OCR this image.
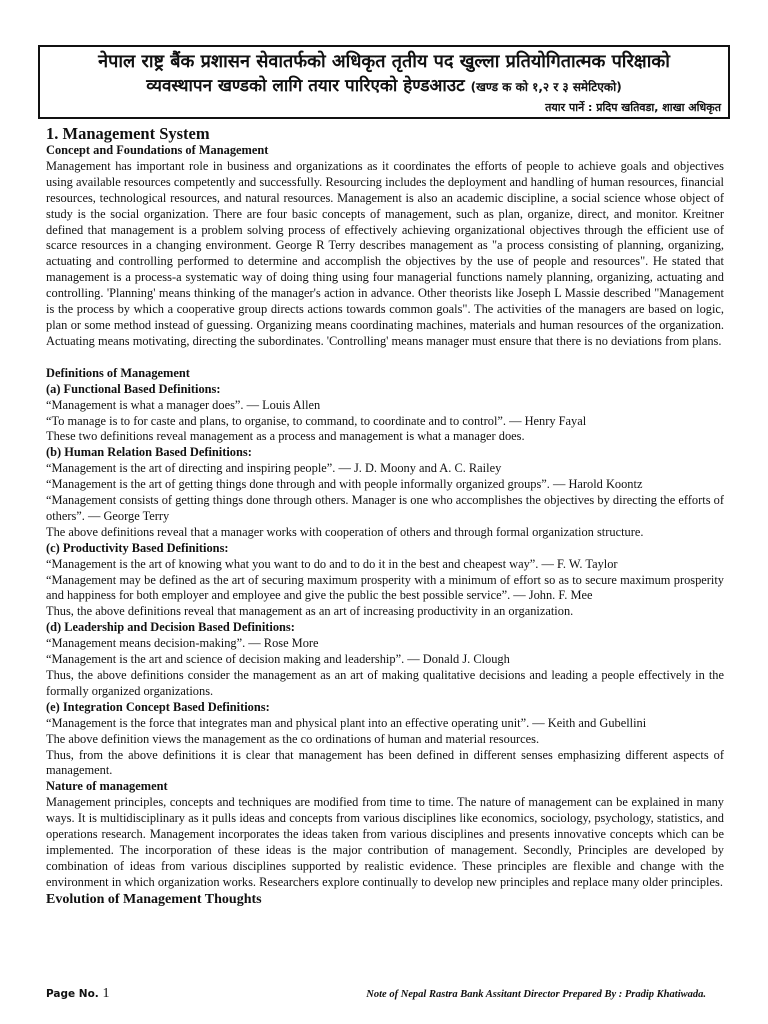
नेपाल राष्ट्र बैंक प्रशासन सेवातर्फको अधिकृत तृतीय पद खुल्ला प्रतियोगितात्मक परिक्षाको
व्यवस्थापन खण्डको लागि तयार पारिएको हेण्डआउट (खण्ड क को १,२ र ३ समेटिएको)
तयार पार्ने : प्रदिप खतिवडा, शाखा अधिकृत
1. Management System
Concept and Foundations of Management

Management has important role in business and organizations as it coordinates the efforts of people to achieve goals and objectives using available resources competently and successfully. Resourcing includes the deployment and handling of human resources, financial resources, technological resources, and natural resources. Management is also an academic discipline, a social science whose object of study is the social organization. There are four basic concepts of management, such as plan, organize, direct, and monitor. Kreitner defined that management is a problem solving process of effectively achieving organizational objectives through the efficient use of scarce resources in a changing environment. George R Terry describes management as "a process consisting of planning, organizing, actuating and controlling performed to determine and accomplish the objectives by the use of people and resources". He stated that management is a process-a systematic way of doing thing using four managerial functions namely planning, organizing, actuating and controlling. 'Planning' means thinking of the manager's action in advance. Other theorists like Joseph L Massie described "Management is the process by which a cooperative group directs actions towards common goals". The activities of the managers are based on logic, plan or some method instead of guessing. Organizing means coordinating machines, materials and human resources of the organization. Actuating means motivating, directing the subordinates. 'Controlling' means manager must ensure that there is no deviations from plans.

Definitions of Management
(a) Functional Based Definitions:

“Management is what a manager does”. — Louis Allen

“To manage is to for caste and plans, to organise, to command, to coordinate and to control”. — Henry Fayal

These two definitions reveal management as a process and management is what a manager does.

(b) Human Relation Based Definitions:

“Management is the art of directing and inspiring people”. — J. D. Moony and A. C. Railey

“Management is the art of getting things done through and with people informally organized groups”. — Harold Koontz

“Management consists of getting things done through others. Manager is one who accomplishes the objectives by directing the efforts of others”. — George Terry

The above definitions reveal that a manager works with cooperation of others and through formal organization structure.

(c) Productivity Based Definitions:

“Management is the art of knowing what you want to do and to do it in the best and cheapest way”. — F. W. Taylor

“Management may be defined as the art of securing maximum prosperity with a minimum of effort so as to secure maximum prosperity and happiness for both employer and employee and give the public the best possible service”. — John. F. Mee

Thus, the above definitions reveal that management as an art of increasing productivity in an organization.

(d) Leadership and Decision Based Definitions:

“Management means decision-making”. — Rose More

“Management is the art and science of decision making and leadership”. — Donald J. Clough

Thus, the above definitions consider the management as an art of making qualitative decisions and leading a people effectively in the formally organized organizations.

(e) Integration Concept Based Definitions:

“Management is the force that integrates man and physical plant into an effective operating unit”. — Keith and Gubellini

The above definition views the management as the co ordinations of human and material resources.

Thus, from the above definitions it is clear that management has been defined in different senses emphasizing different aspects of management.

Nature of management

Management principles, concepts and techniques are modified from time to time. The nature of management can be explained in many ways. It is multidisciplinary as it pulls ideas and concepts from various disciplines like economics, sociology, psychology, statistics, and operations research. Management incorporates the ideas taken from various disciplines and presents innovative concepts which can be implemented. The incorporation of these ideas is the major contribution of management. Secondly, Principles are developed by combination of ideas from various disciplines supported by realistic evidence. These principles are flexible and change with the environment in which organization works. Researchers explore continually to develop new principles and replace many older principles.

Evolution of Management Thoughts
Page No. 1	Note of Nepal Rastra Bank Assitant Director Prepared By : Pradip Khatiwada.
